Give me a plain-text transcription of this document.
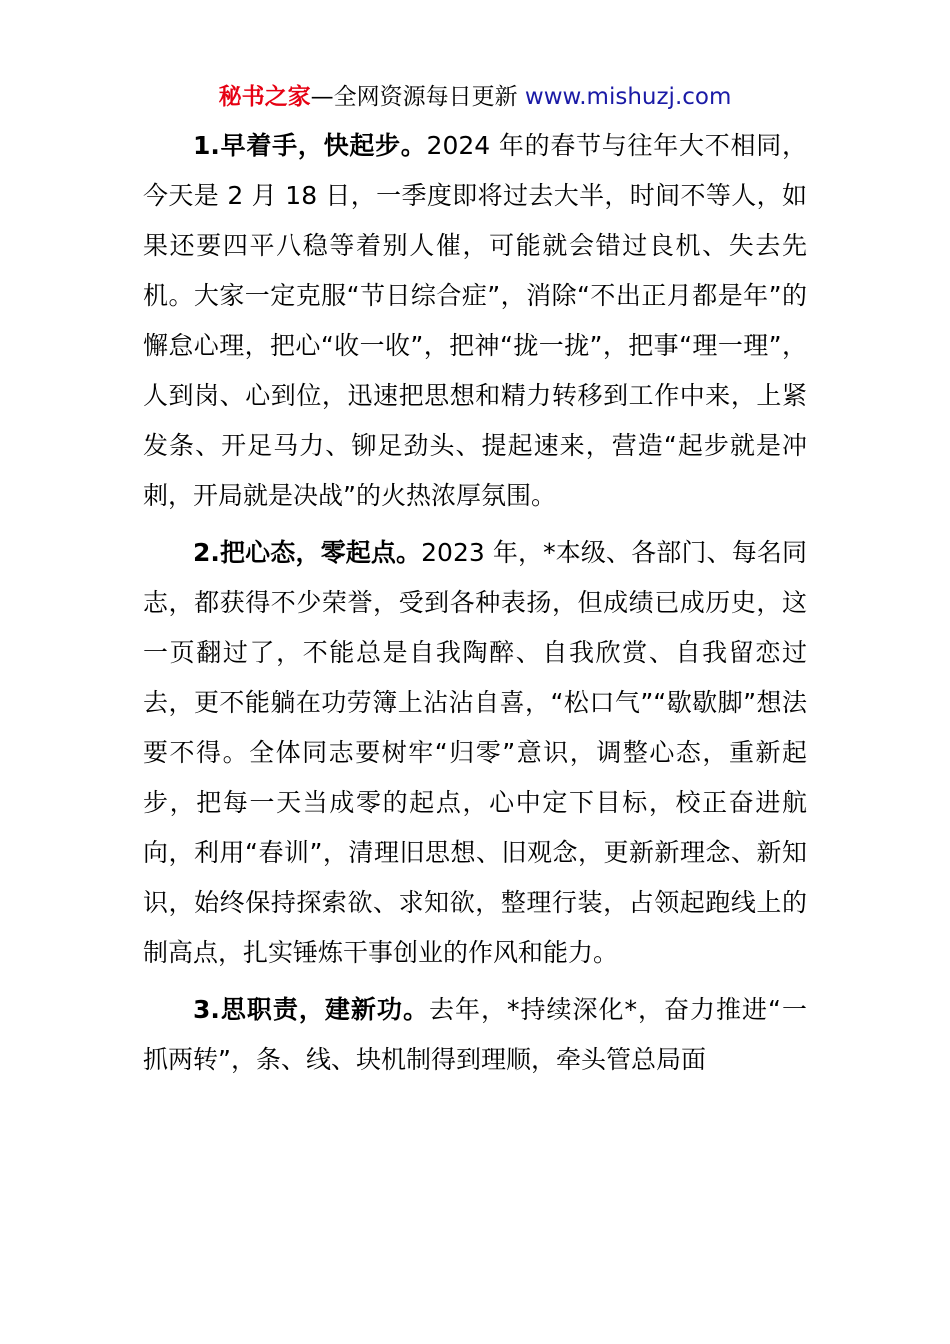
秘书之家—全网资源每日更新 www.mishuzj.com

1.早着手，快起步。2024 年的春节与往年大不相同，今天是 2 月 18 日，一季度即将过去大半，时间不等人，如果还要四平八稳等着别人催，可能就会错过良机、失去先机。大家一定克服“节日综合症”，消除“不出正月都是年”的懈怠心理，把心“收一收”，把神“拢一拢”，把事“理一理”，人到岗、心到位，迅速把思想和精力转移到工作中来，上紧发条、开足马力、铆足劲头、提起速来，营造“起步就是冲刺，开局就是决战”的火热浓厚氛围。

2.把心态，零起点。2023 年，*本级、各部门、每名同志，都获得不少荣誉，受到各种表扬，但成绩已成历史，这一页翻过了，不能总是自我陶醉、自我欣赏、自我留恋过去，更不能躺在功劳簿上沾沾自喜，“松口气”“歇歇脚”想法要不得。全体同志要树牢“归零”意识，调整心态，重新起步，把每一天当成零的起点，心中定下目标，校正奋进航向，利用“春训”，清理旧思想、旧观念，更新新理念、新知识，始终保持探索欲、求知欲，整理行装，占领起跑线上的制高点，扎实锤炼干事创业的作风和能力。

3.思职责，建新功。去年，*持续深化*，奋力推进“一抓两转”，条、线、块机制得到理顺，牵头管总局面
